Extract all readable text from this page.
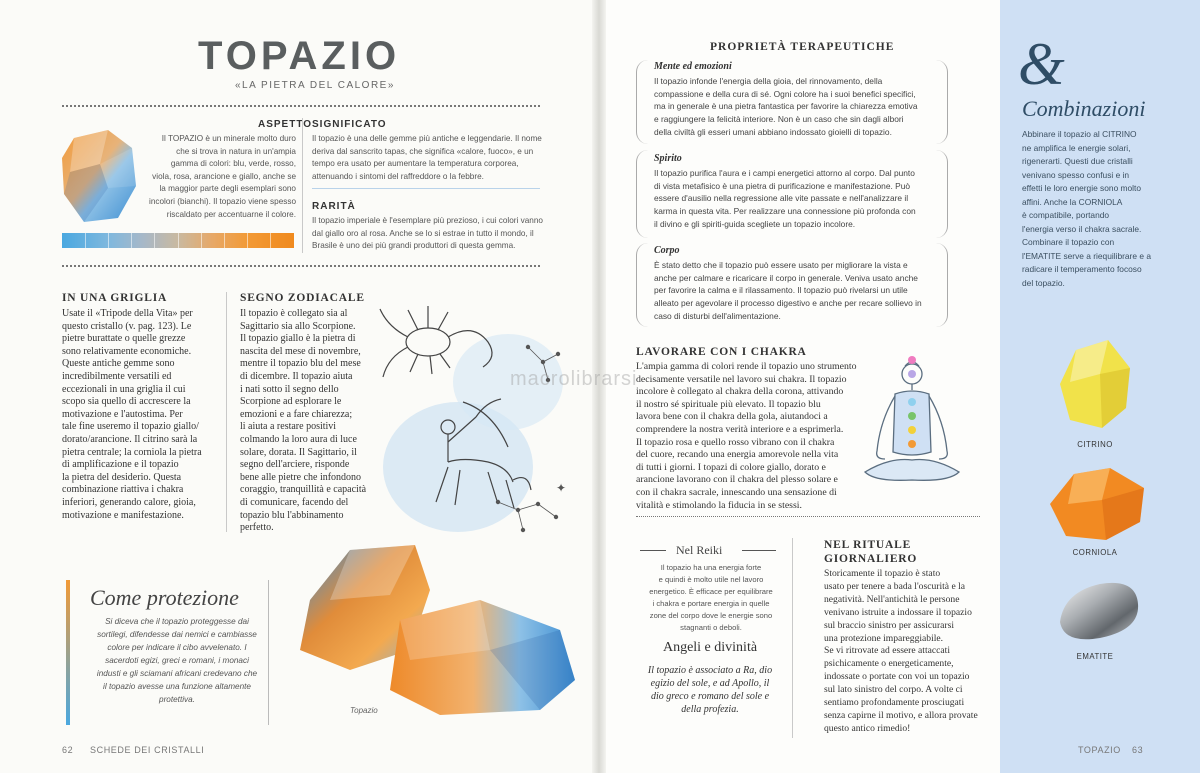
TOPAZIO
«LA PIETRA DEL CALORE»
ASPETTO
Il TOPAZIO è un minerale molto duro
che si trova in natura in un'ampia
gamma di colori: blu, verde, rosso,
viola, rosa, arancione e giallo, anche se
la maggior parte degli esemplari sono
incolori (bianchi). Il topazio viene spesso
riscaldato per accentuarne il colore.
SIGNIFICATO
Il topazio è una delle gemme più antiche e leggendarie. Il nome
deriva dal sanscrito tapas, che significa «calore, fuoco», e un
tempo era usato per aumentare la temperatura corporea,
attenuando i sintomi del raffreddore o la febbre.
RARITÀ
Il topazio imperiale è l'esemplare più prezioso, i cui colori vanno
dal giallo oro al rosa. Anche se lo si estrae in tutto il mondo, il
Brasile è uno dei più grandi produttori di questa gemma.
IN UNA GRIGLIA
Usate il «Tripode della Vita» per
questo cristallo (v. pag. 123). Le
pietre burattate o quelle grezze
sono relativamente economiche.
Queste antiche gemme sono
incredibilmente versatili ed
eccezionali in una griglia il cui
scopo sia quello di accrescere la
motivazione e l'autostima. Per
tale fine useremo il topazio giallo/
dorato/arancione. Il citrino sarà la
pietra centrale; la corniola la pietra
di amplificazione e il topazio
la pietra del desiderio. Questa
combinazione riattiva i chakra
inferiori, generando calore, gioia,
motivazione e manifestazione.
SEGNO ZODIACALE
Il topazio è collegato sia al
Sagittario sia allo Scorpione.
Il topazio giallo è la pietra di
nascita del mese di novembre,
mentre il topazio blu del mese
di dicembre. Il topazio aiuta
i nati sotto il segno dello
Scorpione ad esplorare le
emozioni e a fare chiarezza;
li aiuta a restare positivi
colmando la loro aura di luce
solare, dorata. Il Sagittario, il
segno dell'arciere, risponde
bene alle pietre che infondono
coraggio, tranquillità e capacità
di comunicare, facendo del
topazio blu l'abbinamento
perfetto.
✦
Come protezione
Si diceva che il topazio proteggesse dai
sortilegi, difendesse dai nemici e cambiasse
colore per indicare il cibo avvelenato. I
sacerdoti egizi, greci e romani, i monaci
industi e gli sciamani africani credevano che
il topazio avesse una funzione altamente
protettiva.
Topazio
62 SCHEDE DEI CRISTALLI
PROPRIETÀ TERAPEUTICHE
Mente ed emozioni
Il topazio infonde l'energia della gioia, del rinnovamento, della
compassione e della cura di sé. Ogni colore ha i suoi benefici specifici,
ma in generale è una pietra fantastica per favorire la chiarezza emotiva
e raggiungere la felicità interiore. Non è un caso che sin dagli albori
della civiltà gli esseri umani abbiano indossato gioielli di topazio.
Spirito
Il topazio purifica l'aura e i campi energetici attorno al corpo. Dal punto
di vista metafisico è una pietra di purificazione e manifestazione. Può
essere d'ausilio nella regressione alle vite passate e nell'analizzare il
karma in questa vita. Per realizzare una connessione più profonda con
il divino e gli spiriti-guida scegliete un topazio incolore.
Corpo
È stato detto che il topazio può essere usato per migliorare la vista e
anche per calmare e ricaricare il corpo in generale. Veniva usato anche
per favorire la calma e il rilassamento. Il topazio può rivelarsi un utile
alleato per agevolare il processo digestivo e anche per recare sollievo in
caso di disturbi dell'alimentazione.
LAVORARE CON I CHAKRA
L'ampia gamma di colori rende il topazio uno strumento
decisamente versatile nel lavoro sui chakra. Il topazio
incolore è collegato al chakra della corona, attivando
il nostro sé spirituale più elevato. Il topazio blu
lavora bene con il chakra della gola, aiutandoci a
comprendere la nostra verità interiore e a esprimerla.
Il topazio rosa e quello rosso vibrano con il chakra
del cuore, recando una energia amorevole nella vita
di tutti i giorni. I topazi di colore giallo, dorato e
arancione lavorano con il chakra del plesso solare e
con il chakra sacrale, innescando una sensazione di
vitalità e stimolando la fiducia in se stessi.
macrolibrarsi
Nel Reiki
Il topazio ha una energia forte
e quindi è molto utile nel lavoro
energetico. È efficace per equilibrare
i chakra e portare energia in quelle
zone del corpo dove le energie sono
stagnanti o deboli.
Angeli e divinità
Il topazio è associato a Ra, dio
egizio del sole, e ad Apollo, il
dio greco e romano del sole e
della profezia.
NEL RITUALE
GIORNALIERO
Storicamente il topazio è stato
usato per tenere a bada l'oscurità e la
negatività. Nell'antichità le persone
venivano istruite a indossare il topazio
sul braccio sinistro per assicurarsi
una protezione impareggiabile.
Se vi ritrovate ad essere attaccati
psichicamente o energeticamente,
indossate o portate con voi un topazio
sul lato sinistro del corpo. A volte ci
sentiamo profondamente prosciugati
senza capirne il motivo, e allora provate
questo antico rimedio!
&
Combinazioni
Abbinare il topazio al CITRINO
ne amplifica le energie solari,
rigenerarti. Questi due cristalli
venivano spesso confusi e in
effetti le loro energie sono molto
affini. Anche la CORNIOLA
è compatibile, portando
l'energia verso il chakra sacrale.
Combinare il topazio con
l'EMATITE serve a riequilibrare e a
radicare il temperamento focoso
del topazio.
CITRINO
CORNIOLA
EMATITE
TOPAZIO 63
